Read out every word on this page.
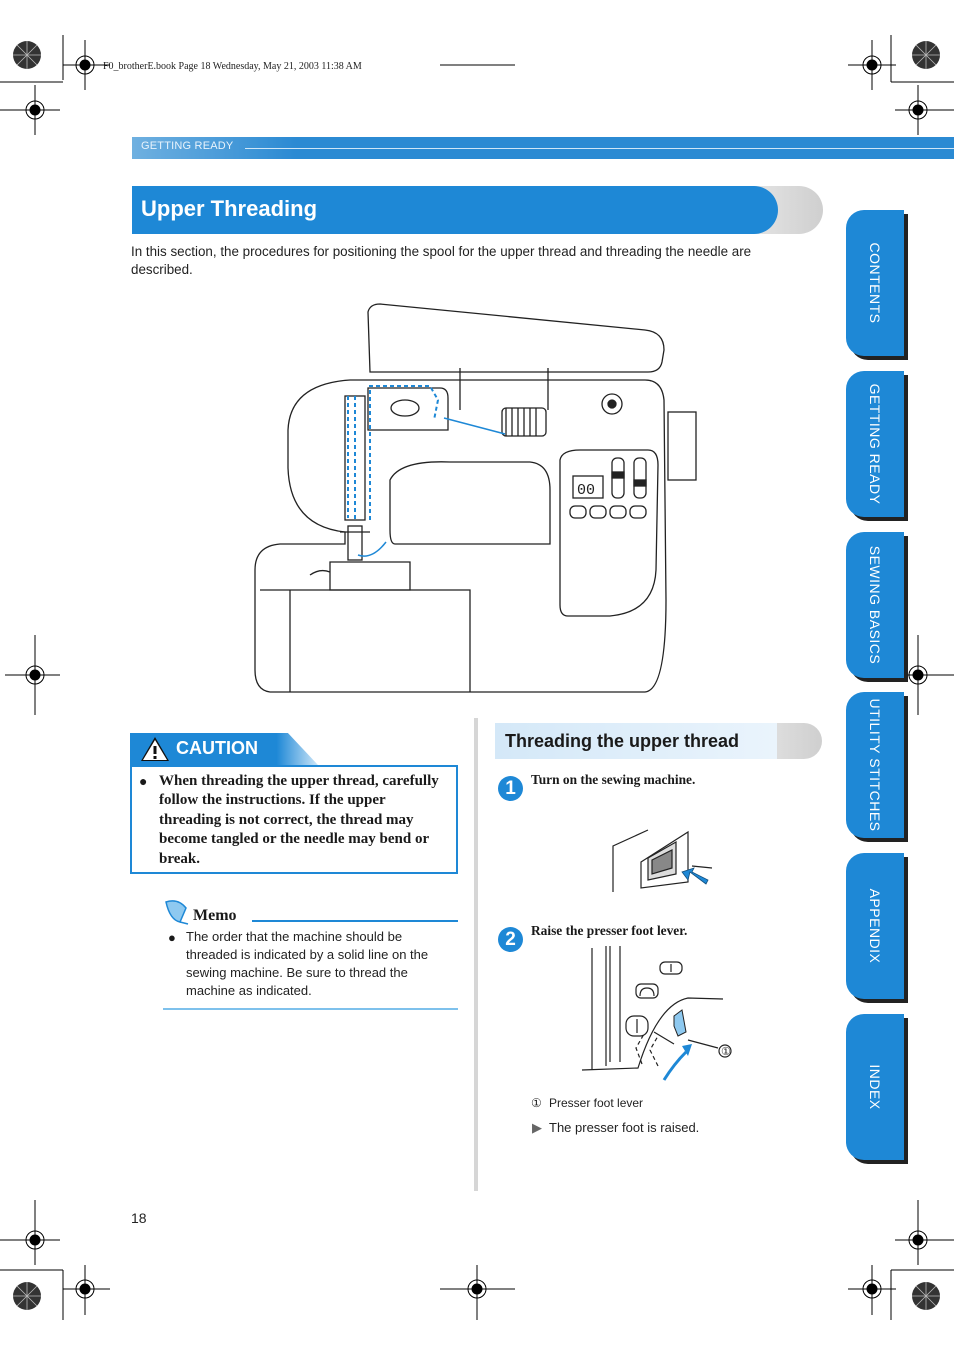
F0_brotherE.book Page 18 Wednesday, May 21, 2003 11:38 AM
GETTING READY
Upper Threading
In this section, the procedures for positioning the spool for the upper thread and threading the needle are described.	CONTENTS
GETTING READY
SEWING BASICS
UTILITY STITCHES
APPENDIX
INDEX
00
CAUTION
● When threading the upper thread, carefully follow the instructions. If the upper threading is not correct, the thread may become tangled or the needle may bend or break.
Memo
● The order that the machine should be threaded is indicated by a solid line on the sewing machine. Be sure to thread the machine as indicated.
Threading the upper thread
1	Turn on the sewing machine.
2	Raise the presser foot lever.
①
① Presser foot lever
▶ The presser foot is raised.
18
